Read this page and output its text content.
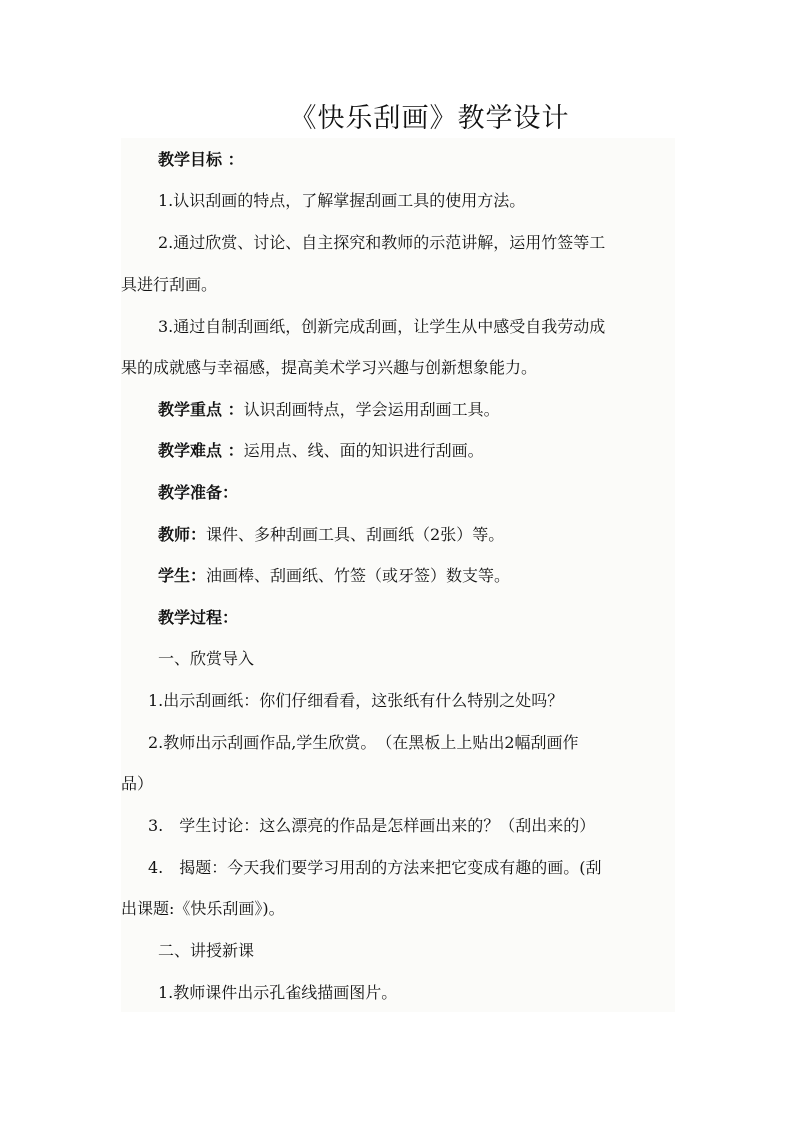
《快乐刮画》教学设计
教学目标 ：
1.认识刮画的特点，了解掌握刮画工具的使用方法。
2.通过欣赏、讨论、自主探究和教师的示范讲解，运用竹签等工
具进行刮画。
3.通过自制刮画纸，创新完成刮画，让学生从中感受自我劳动成
果的成就感与幸福感，提高美术学习兴趣与创新想象能力。
教学重点 ：认识刮画特点，学会运用刮画工具。
教学难点 ：运用点、线、面的知识进行刮画。
教学准备：
教师：课件、多种刮画工具、刮画纸（2张）等。
学生：油画棒、刮画纸、竹签（或牙签）数支等。
教学过程：
一、欣赏导入
1.出示刮画纸：你们仔细看看，这张纸有什么特别之处吗？
2.教师出示刮画作品,学生欣赏。　（在黑板上上贴出2幅刮画作
品）
3.　学生讨论：这么漂亮的作品是怎样画出来的？（刮出来的）
4.　揭题：今天我们要学习用刮的方法来把它变成有趣的画。(刮
出课题:《快乐刮画》)。
二、讲授新课
1.教师课件出示孔雀线描画图片。
